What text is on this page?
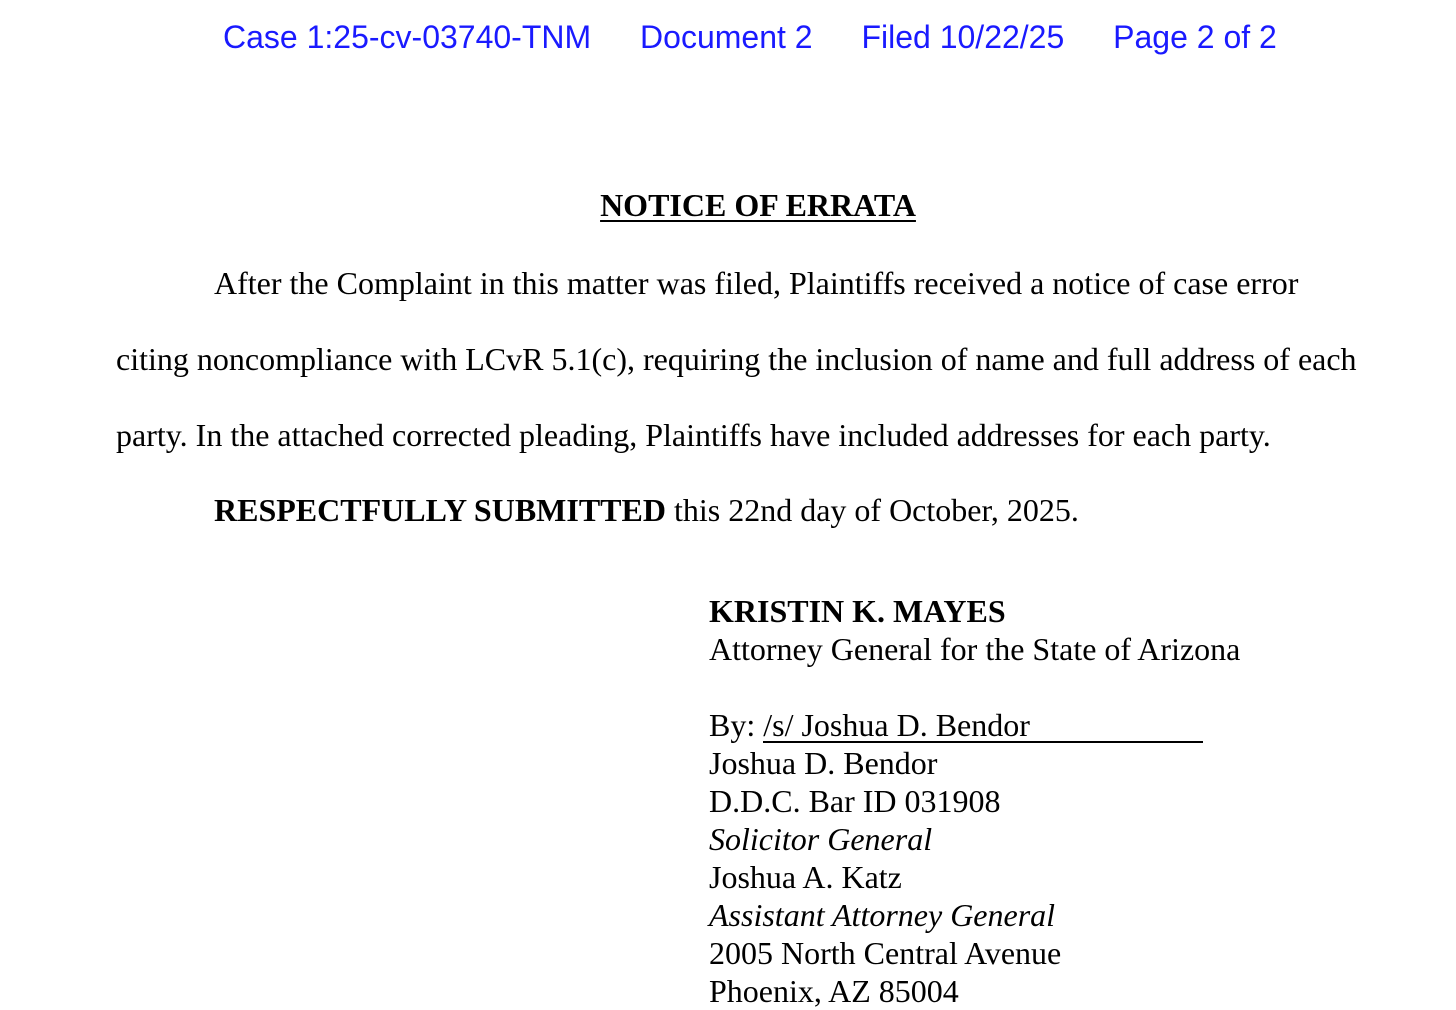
Case 1:25-cv-03740-TNM Document 2 Filed 10/22/25 Page 2 of 2
NOTICE OF ERRATA
After the Complaint in this matter was filed, Plaintiffs received a notice of case error
citing noncompliance with LCvR 5.1(c), requiring the inclusion of name and full address of each
party. In the attached corrected pleading, Plaintiffs have included addresses for each party.
RESPECTFULLY SUBMITTED this 22nd day of October, 2025.
KRISTIN K. MAYES
Attorney General for the State of Arizona
By: /s/ Joshua D. Bendor
Joshua D. Bendor
D.D.C. Bar ID 031908
Solicitor General
Joshua A. Katz
Assistant Attorney General
2005 North Central Avenue
Phoenix, AZ 85004
